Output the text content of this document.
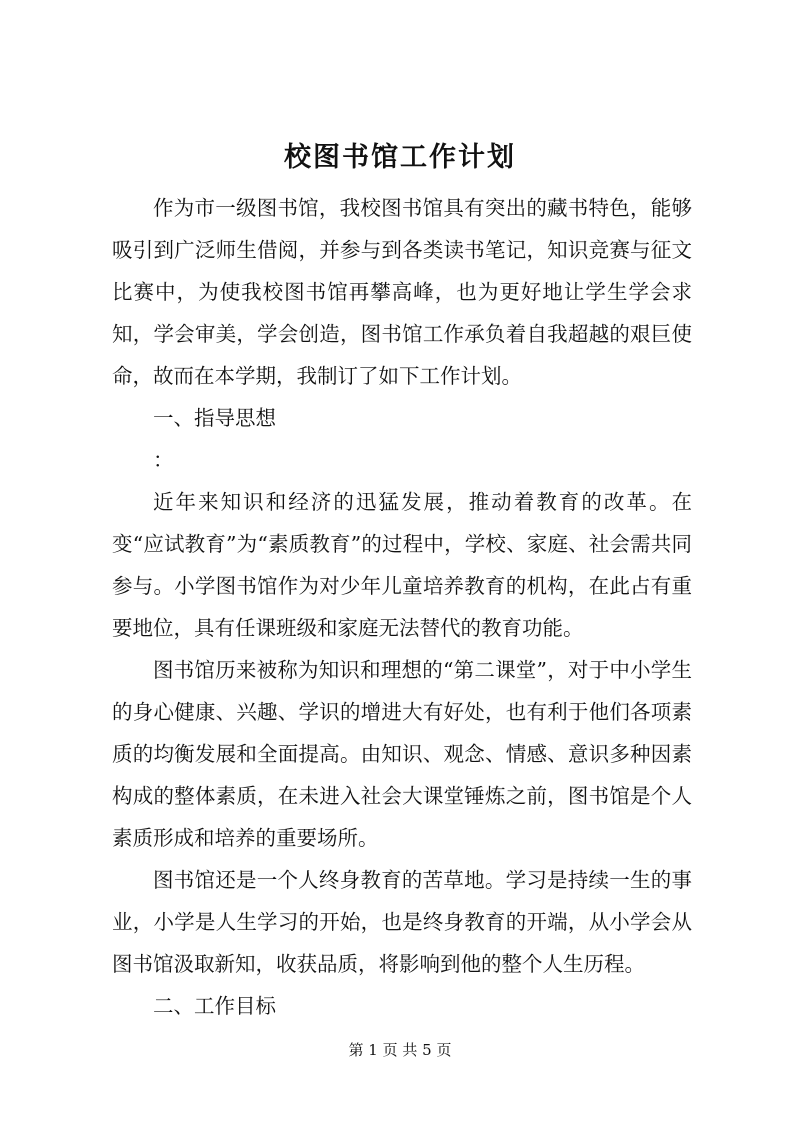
校图书馆工作计划

作为市一级图书馆，我校图书馆具有突出的藏书特色，能够吸引到广泛师生借阅，并参与到各类读书笔记，知识竞赛与征文比赛中，为使我校图书馆再攀高峰，也为更好地让学生学会求知，学会审美，学会创造，图书馆工作承负着自我超越的艰巨使命，故而在本学期，我制订了如下工作计划。

一、指导思想

：

近年来知识和经济的迅猛发展，推动着教育的改革。在变“应试教育”为“素质教育”的过程中，学校、家庭、社会需共同参与。小学图书馆作为对少年儿童培养教育的机构，在此占有重要地位，具有任课班级和家庭无法替代的教育功能。

图书馆历来被称为知识和理想的“第二课堂”，对于中小学生的身心健康、兴趣、学识的增进大有好处，也有利于他们各项素质的均衡发展和全面提高。由知识、观念、情感、意识多种因素构成的整体素质，在未进入社会大课堂锤炼之前，图书馆是个人素质形成和培养的重要场所。

图书馆还是一个人终身教育的苦草地。学习是持续一生的事业，小学是人生学习的开始，也是终身教育的开端，从小学会从图书馆汲取新知，收获品质，将影响到他的整个人生历程。

二、工作目标

第 1 页 共 5 页
